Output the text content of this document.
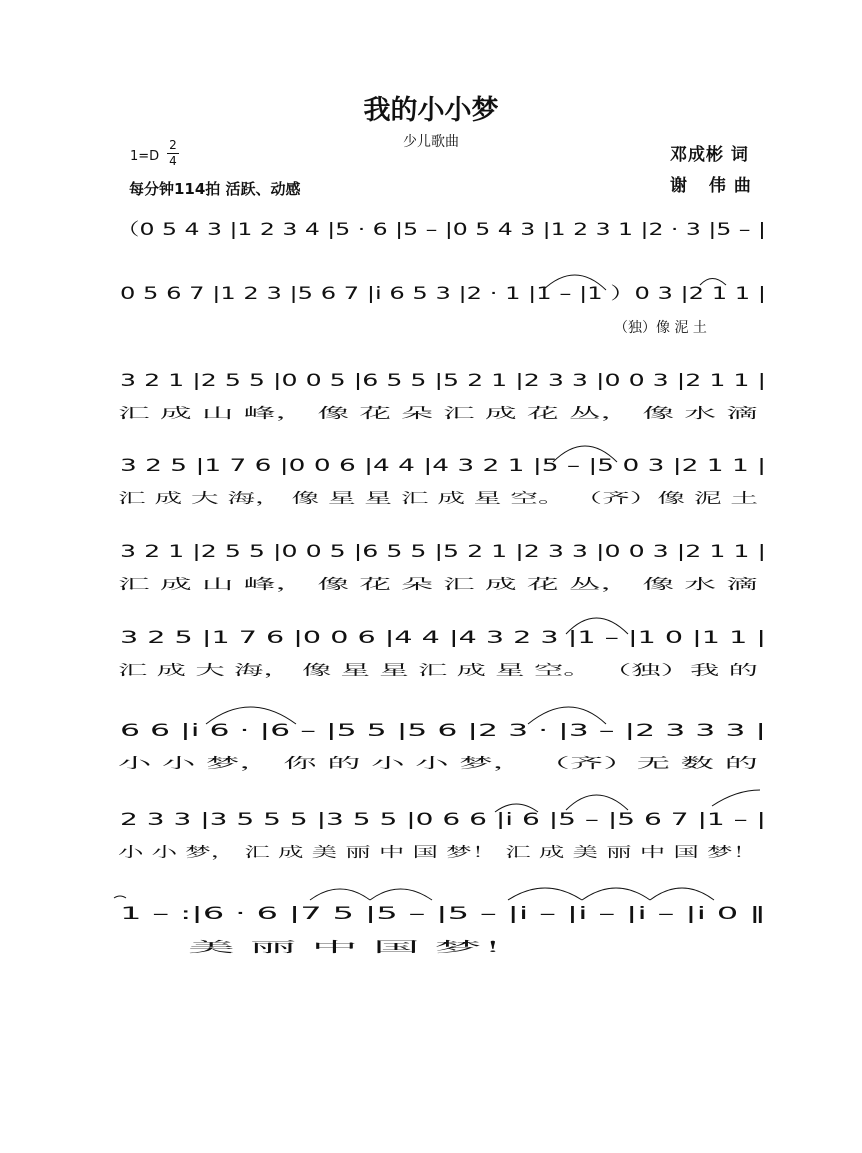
我的小小梦
少儿歌曲
1=D
2
4
每分钟114拍 活跃、动感
邓成彬 词
谢 伟曲
（0 5 4 3 |1 2 3 4 |5 · 6 |5 – |0 5 4 3 |1 2 3 1 |2 · 3 |5 – |
0 5 6 7 |1 2 3 |5 6 7 |i 6 5 3 |2 · 1 |1 – |1 ）0 3 |2 1 1 |
（独）像 泥 土
3 2 1 |2 5 5 |0 0 5 |6 5 5 |5 2 1 |2 3 3 |0 0 3 |2 1 1 |
汇 成 山 峰， 像 花 朵 汇 成 花 丛， 像 水 滴
3 2 5 |1 7 6 |0 0 6 |4 4 |4 3 2 1 |5 – |5 0 3 |2 1 1 |
汇 成 大 海， 像 星 星 汇 成 星 空。 （齐）像 泥 土
3 2 1 |2 5 5 |0 0 5 |6 5 5 |5 2 1 |2 3 3 |0 0 3 |2 1 1 |
汇 成 山 峰， 像 花 朵 汇 成 花 丛， 像 水 滴
3 2 5 |1 7 6 |0 0 6 |4 4 |4 3 2 3 |1 – |1 0 |1 1 |
汇 成 大 海， 像 星 星 汇 成 星 空。 （独）我 的
6 6 |i 6 · |6 – |5 5 |5 6 |2 3 · |3 – |2 3 3 3 |
小 小 梦， 你 的 小 小 梦， （齐）无 数 的
2 3 3 |3 5 5 5 |3 5 5 |0 6 6 |i 6 |5 – |5 6 7 |1 – |
小 小 梦， 汇 成 美 丽 中 国 梦！ 汇 成 美 丽 中 国 梦！
1 – :|6 · 6 |7 5 |5 – |5 – |i – |i – |i – |i 0 ‖
美 丽 中 国 梦！
